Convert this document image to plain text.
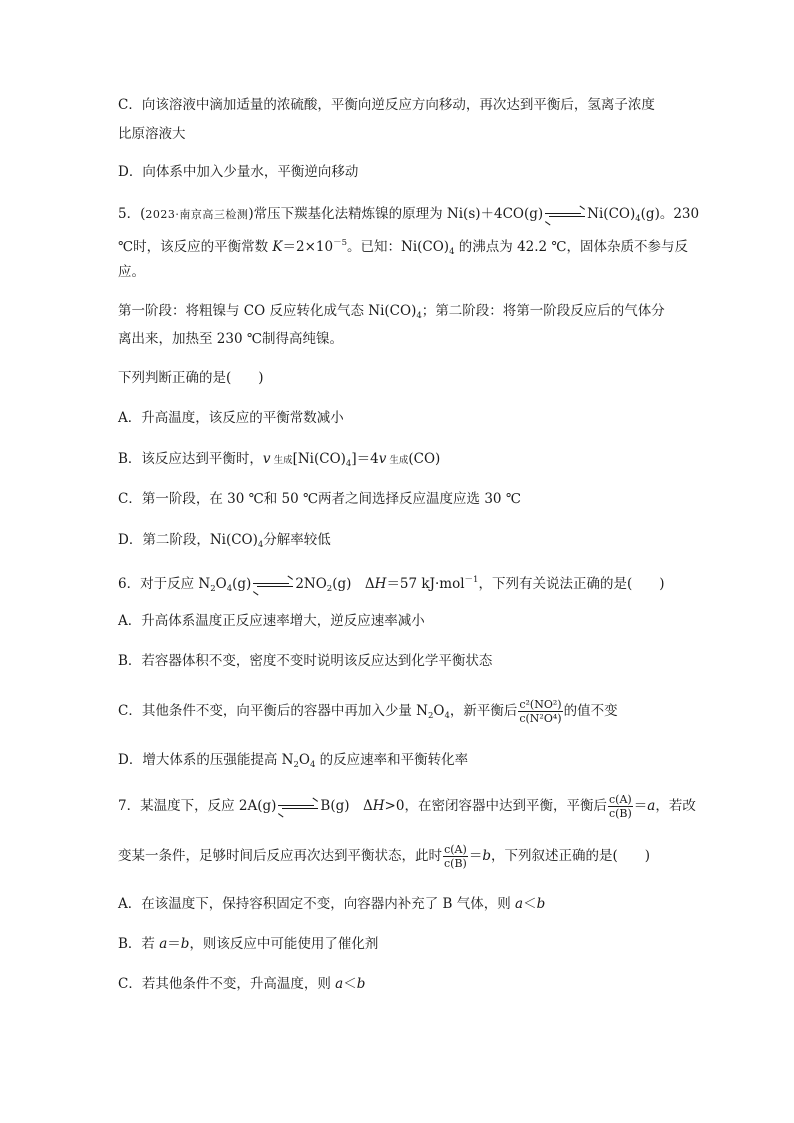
C．向该溶液中滴加适量的浓硫酸，平衡向逆反应方向移动，再次达到平衡后，氢离子浓度
比原溶液大
D．向体系中加入少量水，平衡逆向移动
5．(2023·南京高三检测)常压下羰基化法精炼镍的原理为 $Ni(s)+4CO(g) \to Ni(CO)_4(g)$。230
℃时，该反应的平衡常数 $K=2\times 10^{-5}$。已知：$Ni(CO)_4$ 的沸点为 42.2 ℃，固体杂质不参与反
应。
第一阶段：将粗镍与 CO 反应转化成气态 $Ni(CO)_4$；第二阶段：将第一阶段反应后的气体分
离出来，加热至 230 ℃制得高纯镍。
下列判断正确的是(　　)
A．升高温度，该反应的平衡常数减小
B．该反应达到平衡时，v 生成$[Ni(CO)_4]=4v$ 生成(CO)
C．第一阶段，在 30 ℃和 50 ℃两者之间选择反应温度应选 30 ℃
D．第二阶段，$Ni(CO)_4$分解率较低
6．对于反应 $N_2O_4(g) \to 2NO_2(g)$　ΔH＝57 kJ·mol$^{-1}$，下列有关说法正确的是(　　)
A．升高体系温度正反应速率增大，逆反应速率减小
B．若容器体积不变，密度不变时说明该反应达到化学平衡状态
C．其他条件不变，向平衡后的容器中再加入少量 $N_2O_4$，新平衡后 $\frac{\text{c²(NO²)}}{\text{c(N²O⁴)}}$ 的值不变
D．增大体系的压强能提高 $N_2O_4$ 的反应速率和平衡转化率
7．某温度下，反应 2A(g) → B(g)　ΔH>0，在密闭容器中达到平衡，平衡后 $\frac{c(A)}{c(B)} =a$，若改
变某一条件，足够时间后反应再次达到平衡状态，此时 $\frac{c(A)}{c(B)} =b$，下列叙述正确的是(　　)
A．在该温度下，保持容积固定不变，向容器内补充了 B 气体，则 a＜b
B．若 a＝b，则该反应中可能使用了催化剂
C．若其他条件不变，升高温度，则 a＜b
